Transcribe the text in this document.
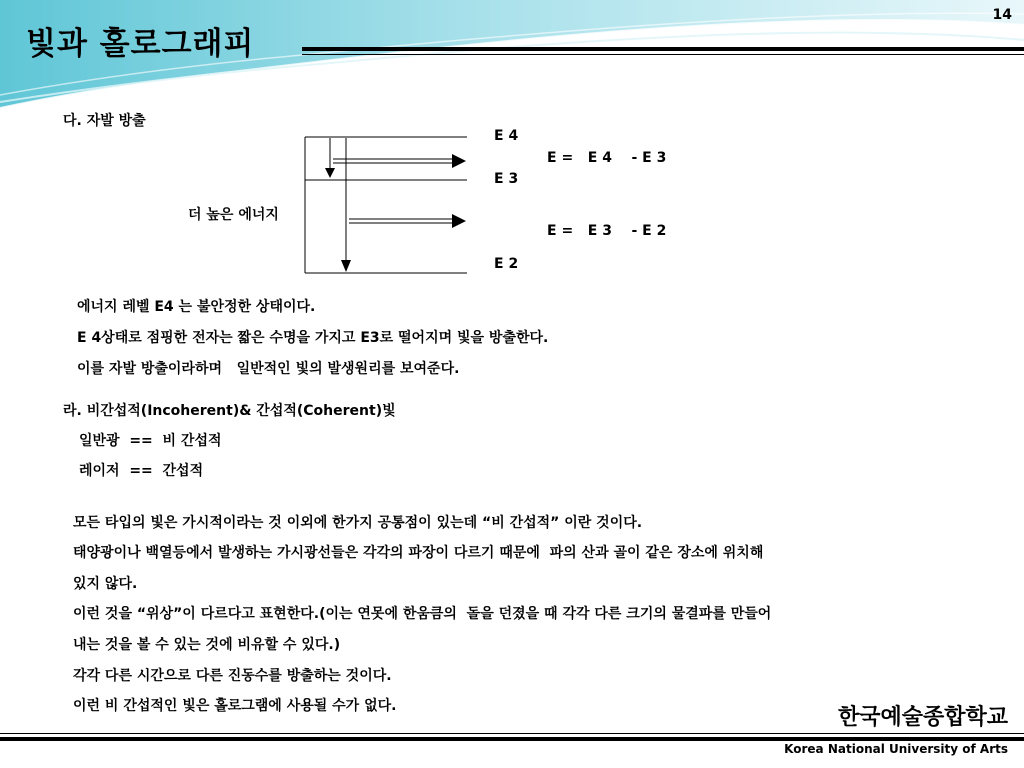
빛과 홀로그래피
14
다. 자발 방출
E 4
E =   E 4    - E 3
E 3
더 높은 에너지
E =   E 3    - E 2
E 2
에너지 레벨 E4 는 불안정한 상태이다.
E 4상태로 점핑한 전자는 짧은 수명을 가지고 E3로 떨어지며 빛을 방출한다.
이를 자발 방출이라하며   일반적인 빛의 발생원리를 보여준다.
라. 비간섭적(Incoherent)& 간섭적(Coherent)빛
일반광  ==  비 간섭적
레이저  ==  간섭적
모든 타입의 빛은 가시적이라는 것 이외에 한가지 공통점이 있는데 “비 간섭적” 이란 것이다.
태양광이나 백열등에서 발생하는 가시광선들은 각각의 파장이 다르기 때문에  파의 산과 골이 같은 장소에 위치해
있지 않다.
이런 것을 “위상”이 다르다고 표현한다.(이는 연못에 한움큼의  돌을 던졌을 때 각각 다른 크기의 물결파를 만들어
내는 것을 볼 수 있는 것에 비유할 수 있다.)
각각 다른 시간으로 다른 진동수를 방출하는 것이다.
이런 비 간섭적인 빛은 홀로그램에 사용될 수가 없다.	한국예술종합학교
Korea National University of Arts
